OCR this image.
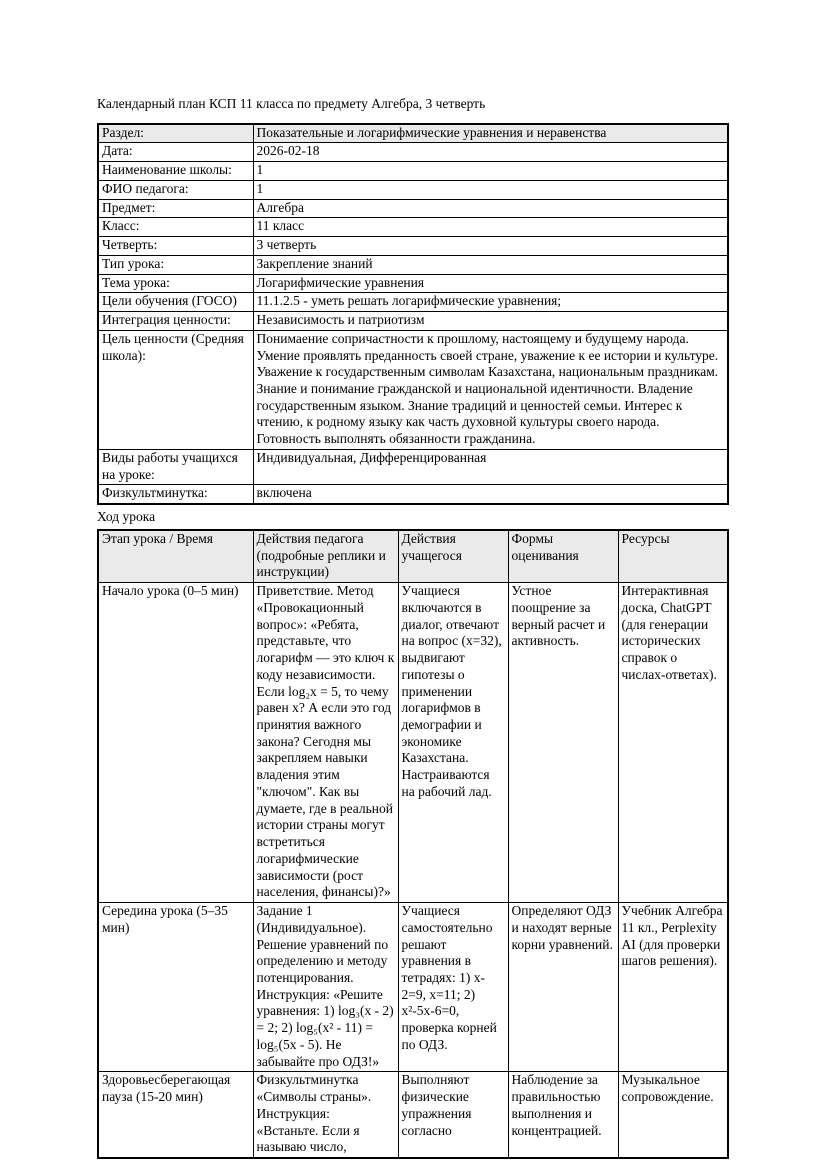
Календарный план КСП 11 класса по предмету Алгебра, 3 четверть

Раздел:	Показательные и логарифмические уравнения и неравенства
Дата:	2026-02-18
Наименование школы:	1
ФИО педагога:	1
Предмет:	Алгебра
Класс:	11 класс
Четверть:	3 четверть
Тип урока:	Закрепление знаний
Тема урока:	Логарифмические уравнения
Цели обучения (ГОСО)	11.1.2.5 - уметь решать логарифмические уравнения;
Интеграция ценности:	Независимость и патриотизм
Цель ценности (Средняя школа):	Понимаение сопричастности к прошлому, настоящему и будущему народа. Умение проявлять преданность своей стране, уважение к ее истории и культуре. Уважение к государственным символам Казахстана, национальным праздникам. Знание и понимание гражданской и национальной идентичности. Владение государственным языком. Знание традиций и ценностей семьи. Интерес к чтению, к родному языку как часть духовной культуры своего народа. Готовность выполнять обязанности гражданина.
Виды работы учащихся на уроке:	Индивидуальная, Дифференцированная
Физкультминутка:	включена

Ход урока

Этап урока / Время	Действия педагога (подробные реплики и инструкции)	Действия учащегося	Формы оценивания	Ресурсы
Начало урока (0–5 мин)	Приветствие. Метод «Провокационный вопрос»: «Ребята, представьте, что логарифм — это ключ к коду независимости. Если log₂x = 5, то чему равен x? А если это год принятия важного закона? Сегодня мы закрепляем навыки владения этим "ключом". Как вы думаете, где в реальной истории страны могут встретиться логарифмические зависимости (рост населения, финансы)?»	Учащиеся включаются в диалог, отвечают на вопрос (x=32), выдвигают гипотезы о применении логарифмов в демографии и экономике Казахстана. Настраиваются на рабочий лад.	Устное поощрение за верный расчет и активность.	Интерактивная доска, ChatGPT (для генерации исторических справок о числах-ответах).
Середина урока (5–35 мин)	Задание 1 (Индивидуальное). Решение уравнений по определению и методу потенцирования. Инструкция: «Решите уравнения: 1) log₃(x - 2) = 2; 2) log₅(x² - 11) = log₅(5x - 5). Не забывайте про ОДЗ!»	Учащиеся самостоятельно решают уравнения в тетрадях: 1) x-2=9, x=11; 2) x²-5x-6=0, проверка корней по ОДЗ.	Определяют ОДЗ и находят верные корни уравнений.	Учебник Алгебра 11 кл., Perplexity AI (для проверки шагов решения).
Здоровьесберегающая пауза (15-20 мин)	Физкультминутка «Символы страны». Инструкция: «Встаньте. Если я называю число,	Выполняют физические упражнения согласно	Наблюдение за правильностью выполнения и концентрацией.	Музыкальное сопровождение.
